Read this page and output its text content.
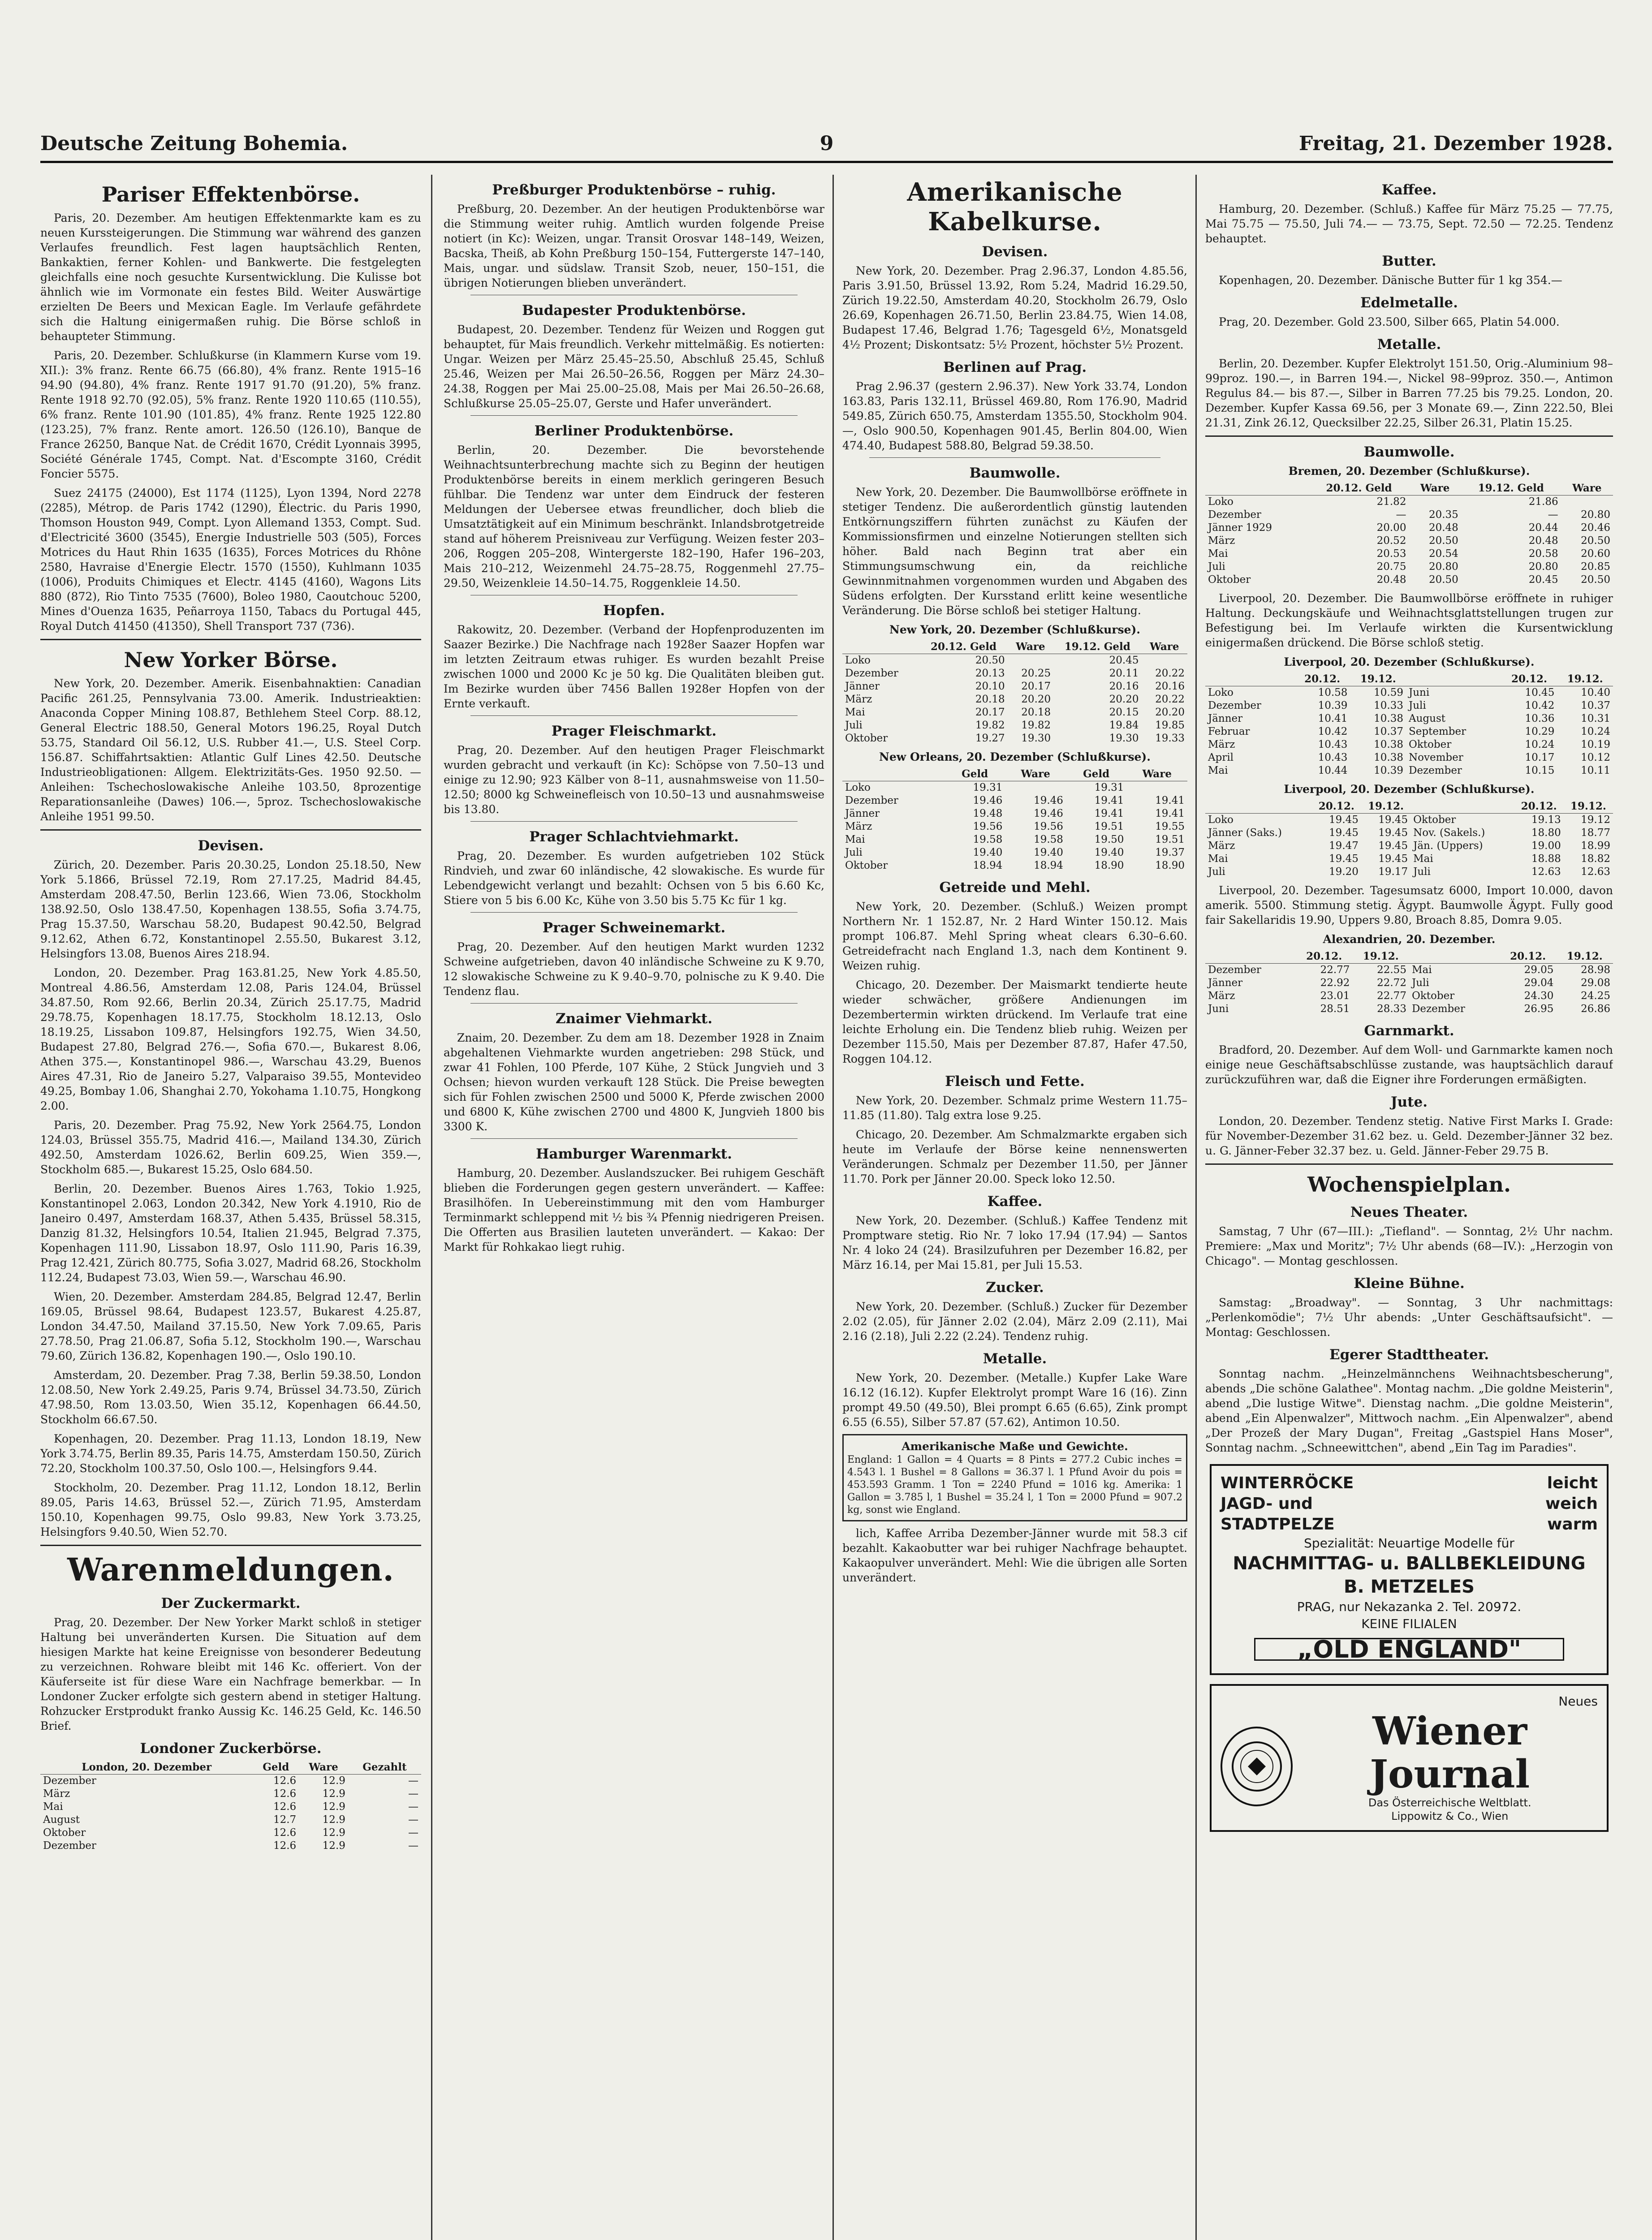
Deutsche Zeitung Bohemia.	9	Freitag, 21. Dezember 1928.
Pariser Effektenbörse.

Paris, 20. Dezember. Am heutigen Effektenmarkte kam es zu neuen Kurssteigerungen. Die Stimmung war während des ganzen Verlaufes freundlich. Fest lagen hauptsächlich Renten, Bankaktien, ferner Kohlen- und Bankwerte. Die festgelegten gleichfalls eine noch gesuchte Kursentwicklung. Die Kulisse bot ähnlich wie im Vormonate ein festes Bild. Weiter Auswärtige erzielten De Beers und Mexican Eagle. Im Verlaufe gefährdete sich die Haltung einigermaßen ruhig. Die Börse schloß in behaupteter Stimmung.

Paris, 20. Dezember. Schlußkurse (in Klammern Kurse vom 19. XII.): 3% franz. Rente 66.75 (66.80), 4% franz. Rente 1915–16 94.90 (94.80), 4% franz. Rente 1917 91.70 (91.20), 5% franz. Rente 1918 92.70 (92.05), 5% franz. Rente 1920 110.65 (110.55), 6% franz. Rente 101.90 (101.85), 4% franz. Rente 1925 122.80 (123.25), 7% franz. Rente amort. 126.50 (126.10), Banque de France 26250, Banque Nat. de Crédit 1670, Crédit Lyonnais 3995, Société Générale 1745, Compt. Nat. d'Escompte 3160, Crédit Foncier 5575.

Suez 24175 (24000), Est 1174 (1125), Lyon 1394, Nord 2278 (2285), Métrop. de Paris 1742 (1290), Électric. du Paris 1990, Thomson Houston 949, Compt. Lyon Allemand 1353, Compt. Sud. d'Electricité 3600 (3545), Energie Industrielle 503 (505), Forces Motrices du Haut Rhin 1635 (1635), Forces Motrices du Rhône 2580, Havraise d'Energie Electr. 1570 (1550), Kuhlmann 1035 (1006), Produits Chimiques et Electr. 4145 (4160), Wagons Lits 880 (872), Rio Tinto 7535 (7600), Boleo 1980, Caoutchouc 5200, Mines d'Ouenza 1635, Peñarroya 1150, Tabacs du Portugal 445, Royal Dutch 41450 (41350), Shell Transport 737 (736).

New Yorker Börse.

New York, 20. Dezember. Amerik. Eisenbahnaktien: Canadian Pacific 261.25, Pennsylvania 73.00. Amerik. Industrieaktien: Anaconda Copper Mining 108.87, Bethlehem Steel Corp. 88.12, General Electric 188.50, General Motors 196.25, Royal Dutch 53.75, Standard Oil 56.12, U.S. Rubber 41.—, U.S. Steel Corp. 156.87. Schiffahrtsaktien: Atlantic Gulf Lines 42.50. Deutsche Industrieobligationen: Allgem. Elektrizitäts-Ges. 1950 92.50. — Anleihen: Tschechoslowakische Anleihe 103.50, 8prozentige Reparationsanleihe (Dawes) 106.—, 5proz. Tschechoslowakische Anleihe 1951 99.50.

Devisen.

Zürich, 20. Dezember. Paris 20.30.25, London 25.18.50, New York 5.1866, Brüssel 72.19, Rom 27.17.25, Madrid 84.45, Amsterdam 208.47.50, Berlin 123.66, Wien 73.06, Stockholm 138.92.50, Oslo 138.47.50, Kopenhagen 138.55, Sofia 3.74.75, Prag 15.37.50, Warschau 58.20, Budapest 90.42.50, Belgrad 9.12.62, Athen 6.72, Konstantinopel 2.55.50, Bukarest 3.12, Helsingfors 13.08, Buenos Aires 218.94.

London, 20. Dezember. Prag 163.81.25, New York 4.85.50, Montreal 4.86.56, Amsterdam 12.08, Paris 124.04, Brüssel 34.87.50, Rom 92.66, Berlin 20.34, Zürich 25.17.75, Madrid 29.78.75, Kopenhagen 18.17.75, Stockholm 18.12.13, Oslo 18.19.25, Lissabon 109.87, Helsingfors 192.75, Wien 34.50, Budapest 27.80, Belgrad 276.—, Sofia 670.—, Bukarest 8.06, Athen 375.—, Konstantinopel 986.—, Warschau 43.29, Buenos Aires 47.31, Rio de Janeiro 5.27, Valparaiso 39.55, Montevideo 49.25, Bombay 1.06, Shanghai 2.70, Yokohama 1.10.75, Hongkong 2.00.

Paris, 20. Dezember. Prag 75.92, New York 2564.75, London 124.03, Brüssel 355.75, Madrid 416.—, Mailand 134.30, Zürich 492.50, Amsterdam 1026.62, Berlin 609.25, Wien 359.—, Stockholm 685.—, Bukarest 15.25, Oslo 684.50.

Berlin, 20. Dezember. Buenos Aires 1.763, Tokio 1.925, Konstantinopel 2.063, London 20.342, New York 4.1910, Rio de Janeiro 0.497, Amsterdam 168.37, Athen 5.435, Brüssel 58.315, Danzig 81.32, Helsingfors 10.54, Italien 21.945, Belgrad 7.375, Kopenhagen 111.90, Lissabon 18.97, Oslo 111.90, Paris 16.39, Prag 12.421, Zürich 80.775, Sofia 3.027, Madrid 68.26, Stockholm 112.24, Budapest 73.03, Wien 59.—, Warschau 46.90.

Wien, 20. Dezember. Amsterdam 284.85, Belgrad 12.47, Berlin 169.05, Brüssel 98.64, Budapest 123.57, Bukarest 4.25.87, London 34.47.50, Mailand 37.15.50, New York 7.09.65, Paris 27.78.50, Prag 21.06.87, Sofia 5.12, Stockholm 190.—, Warschau 79.60, Zürich 136.82, Kopenhagen 190.—, Oslo 190.10.

Amsterdam, 20. Dezember. Prag 7.38, Berlin 59.38.50, London 12.08.50, New York 2.49.25, Paris 9.74, Brüssel 34.73.50, Zürich 47.98.50, Rom 13.03.50, Wien 35.12, Kopenhagen 66.44.50, Stockholm 66.67.50.

Kopenhagen, 20. Dezember. Prag 11.13, London 18.19, New York 3.74.75, Berlin 89.35, Paris 14.75, Amsterdam 150.50, Zürich 72.20, Stockholm 100.37.50, Oslo 100.—, Helsingfors 9.44.

Stockholm, 20. Dezember. Prag 11.12, London 18.12, Berlin 89.05, Paris 14.63, Brüssel 52.—, Zürich 71.95, Amsterdam 150.10, Kopenhagen 99.75, Oslo 99.83, New York 3.73.25, Helsingfors 9.40.50, Wien 52.70.

Warenmeldungen.
Der Zuckermarkt.

Prag, 20. Dezember. Der New Yorker Markt schloß in stetiger Haltung bei unveränderten Kursen. Die Situation auf dem hiesigen Markte hat keine Ereignisse von besonderer Bedeutung zu verzeichnen. Rohware bleibt mit 146 Kc. offeriert. Von der Käuferseite ist für diese Ware ein Nachfrage bemerkbar. — In Londoner Zucker erfolgte sich gestern abend in stetiger Haltung. Rohzucker Erstprodukt franko Aussig Kc. 146.25 Geld, Kc. 146.50 Brief.

Londoner Zuckerbörse.
London, 20. Dezember	Geld	Ware	Gezahlt
Dezember	12.6	12.9	—
März	12.6	12.9	—
Mai	12.6	12.9	—
August	12.7	12.9	—
Oktober	12.6	12.9	—
Dezember	12.6	12.9	—
Preßburger Produktenbörse – ruhig.

Preßburg, 20. Dezember. An der heutigen Produktenbörse war die Stimmung weiter ruhig. Amtlich wurden folgende Preise notiert (in Kc): Weizen, ungar. Transit Orosvar 148–149, Weizen, Bacska, Theiß, ab Kohn Preßburg 150–154, Futtergerste 147–140, Mais, ungar. und südslaw. Transit Szob, neuer, 150–151, die übrigen Notierungen blieben unverändert.

Budapester Produktenbörse.

Budapest, 20. Dezember. Tendenz für Weizen und Roggen gut behauptet, für Mais freundlich. Verkehr mittelmäßig. Es notierten: Ungar. Weizen per März 25.45–25.50, Abschluß 25.45, Schluß 25.46, Weizen per Mai 26.50–26.56, Roggen per März 24.30–24.38, Roggen per Mai 25.00–25.08, Mais per Mai 26.50–26.68, Schlußkurse 25.05–25.07, Gerste und Hafer unverändert.

Berliner Produktenbörse.

Berlin, 20. Dezember. Die bevorstehende Weihnachtsunterbrechung machte sich zu Beginn der heutigen Produktenbörse bereits in einem merklich geringeren Besuch fühlbar. Die Tendenz war unter dem Eindruck der festeren Meldungen der Uebersee etwas freundlicher, doch blieb die Umsatztätigkeit auf ein Minimum beschränkt. Inlandsbrotgetreide stand auf höherem Preisniveau zur Verfügung. Weizen fester 203–206, Roggen 205–208, Wintergerste 182–190, Hafer 196–203, Mais 210–212, Weizenmehl 24.75–28.75, Roggenmehl 27.75–29.50, Weizenkleie 14.50–14.75, Roggenkleie 14.50.

Hopfen.

Rakowitz, 20. Dezember. (Verband der Hopfenproduzenten im Saazer Bezirke.) Die Nachfrage nach 1928er Saazer Hopfen war im letzten Zeitraum etwas ruhiger. Es wurden bezahlt Preise zwischen 1000 und 2000 Kc je 50 kg. Die Qualitäten bleiben gut. Im Bezirke wurden über 7456 Ballen 1928er Hopfen von der Ernte verkauft.

Prager Fleischmarkt.

Prag, 20. Dezember. Auf den heutigen Prager Fleischmarkt wurden gebracht und verkauft (in Kc): Schöpse von 7.50–13 und einige zu 12.90; 923 Kälber von 8–11, ausnahmsweise von 11.50–12.50; 8000 kg Schweinefleisch von 10.50–13 und ausnahmsweise bis 13.80.

Prager Schlachtviehmarkt.

Prag, 20. Dezember. Es wurden aufgetrieben 102 Stück Rindvieh, und zwar 60 inländische, 42 slowakische. Es wurde für Lebendgewicht verlangt und bezahlt: Ochsen von 5 bis 6.60 Kc, Stiere von 5 bis 6.00 Kc, Kühe von 3.50 bis 5.75 Kc für 1 kg.

Prager Schweinemarkt.

Prag, 20. Dezember. Auf den heutigen Markt wurden 1232 Schweine aufgetrieben, davon 40 inländische Schweine zu K 9.70, 12 slowakische Schweine zu K 9.40–9.70, polnische zu K 9.40. Die Tendenz flau.

Znaimer Viehmarkt.

Znaim, 20. Dezember. Zu dem am 18. Dezember 1928 in Znaim abgehaltenen Viehmarkte wurden angetrieben: 298 Stück, und zwar 41 Fohlen, 100 Pferde, 107 Kühe, 2 Stück Jungvieh und 3 Ochsen; hievon wurden verkauft 128 Stück. Die Preise bewegten sich für Fohlen zwischen 2500 und 5000 K, Pferde zwischen 2000 und 6800 K, Kühe zwischen 2700 und 4800 K, Jungvieh 1800 bis 3300 K.

Hamburger Warenmarkt.

Hamburg, 20. Dezember. Auslandszucker. Bei ruhigem Geschäft blieben die Forderungen gegen gestern unverändert. — Kaffee: Brasilhöfen. In Uebereinstimmung mit den vom Hamburger Terminmarkt schleppend mit ½ bis ¾ Pfennig niedrigeren Preisen. Die Offerten aus Brasilien lauteten unverändert. — Kakao: Der Markt für Rohkakao liegt ruhig.

Amerikanische Kabelkurse.
Devisen.

New York, 20. Dezember. Prag 2.96.37, London 4.85.56, Paris 3.91.50, Brüssel 13.92, Rom 5.24, Madrid 16.29.50, Zürich 19.22.50, Amsterdam 40.20, Stockholm 26.79, Oslo 26.69, Kopenhagen 26.71.50, Berlin 23.84.75, Wien 14.08, Budapest 17.46, Belgrad 1.76; Tagesgeld 6½, Monatsgeld 4½ Prozent; Diskontsatz: 5½ Prozent, höchster 5½ Prozent.

Berlinen auf Prag.

Prag 2.96.37 (gestern 2.96.37). New York 33.74, London 163.83, Paris 132.11, Brüssel 469.80, Rom 176.90, Madrid 549.85, Zürich 650.75, Amsterdam 1355.50, Stockholm 904.—, Oslo 900.50, Kopenhagen 901.45, Berlin 804.00, Wien 474.40, Budapest 588.80, Belgrad 59.38.50.

Baumwolle.

New York, 20. Dezember. Die Baumwollbörse eröffnete in stetiger Tendenz. Die außerordentlich günstig lautenden Entkörnungsziffern führten zunächst zu Käufen der Kommissionsfirmen und einzelne Notierungen stellten sich höher. Bald nach Beginn trat aber ein Stimmungsumschwung ein, da reichliche Gewinnmitnahmen vorgenommen wurden und Abgaben des Südens erfolgten. Der Kursstand erlitt keine wesentliche Veränderung. Die Börse schloß bei stetiger Haltung.

New York, 20. Dezember (Schlußkurse).
	20.12. Geld	Ware	19.12. Geld	Ware
Loko	20.50		20.45	
Dezember	20.13	20.25	20.11	20.22
Jänner	20.10	20.17	20.16	20.16
März	20.18	20.20	20.20	20.22
Mai	20.17	20.18	20.15	20.20
Juli	19.82	19.82	19.84	19.85
Oktober	19.27	19.30	19.30	19.33
New Orleans, 20. Dezember (Schlußkurse).
	Geld	Ware	Geld	Ware
Loko	19.31		19.31	
Dezember	19.46	19.46	19.41	19.41
Jänner	19.48	19.46	19.41	19.41
März	19.56	19.56	19.51	19.55
Mai	19.58	19.58	19.50	19.51
Juli	19.40	19.40	19.40	19.37
Oktober	18.94	18.94	18.90	18.90
Getreide und Mehl.

New York, 20. Dezember. (Schluß.) Weizen prompt Northern Nr. 1 152.87, Nr. 2 Hard Winter 150.12. Mais prompt 106.87. Mehl Spring wheat clears 6.30–6.60. Getreidefracht nach England 1.3, nach dem Kontinent 9. Weizen ruhig.

Chicago, 20. Dezember. Der Maismarkt tendierte heute wieder schwächer, größere Andienungen im Dezembertermin wirkten drückend. Im Verlaufe trat eine leichte Erholung ein. Die Tendenz blieb ruhig. Weizen per Dezember 115.50, Mais per Dezember 87.87, Hafer 47.50, Roggen 104.12.

Fleisch und Fette.

New York, 20. Dezember. Schmalz prime Western 11.75–11.85 (11.80). Talg extra lose 9.25.

Chicago, 20. Dezember. Am Schmalzmarkte ergaben sich heute im Verlaufe der Börse keine nennenswerten Veränderungen. Schmalz per Dezember 11.50, per Jänner 11.70. Pork per Jänner 20.00. Speck loko 12.50.

Kaffee.

New York, 20. Dezember. (Schluß.) Kaffee Tendenz mit Promptware stetig. Rio Nr. 7 loko 17.94 (17.94) — Santos Nr. 4 loko 24 (24). Brasilzufuhren per Dezember 16.82, per März 16.14, per Mai 15.81, per Juli 15.53.

Zucker.

New York, 20. Dezember. (Schluß.) Zucker für Dezember 2.02 (2.05), für Jänner 2.02 (2.04), März 2.09 (2.11), Mai 2.16 (2.18), Juli 2.22 (2.24). Tendenz ruhig.

Metalle.

New York, 20. Dezember. (Metalle.) Kupfer Lake Ware 16.12 (16.12). Kupfer Elektrolyt prompt Ware 16 (16). Zinn prompt 49.50 (49.50), Blei prompt 6.65 (6.65), Zink prompt 6.55 (6.55), Silber 57.87 (57.62), Antimon 10.50.

Amerikanische Maße und Gewichte.
England: 1 Gallon = 4 Quarts = 8 Pints = 277.2 Cubic inches = 4.543 l. 1 Bushel = 8 Gallons = 36.37 l. 1 Pfund Avoir du pois = 453.593 Gramm. 1 Ton = 2240 Pfund = 1016 kg. Amerika: 1 Gallon = 3.785 l, 1 Bushel = 35.24 l, 1 Ton = 2000 Pfund = 907.2 kg, sonst wie England.

lich, Kaffee Arriba Dezember-Jänner wurde mit 58.3 cif bezahlt. Kakaobutter war bei ruhiger Nachfrage behauptet. Kakaopulver unverändert. Mehl: Wie die übrigen alle Sorten unverändert.

Kaffee.

Hamburg, 20. Dezember. (Schluß.) Kaffee für März 75.25 — 77.75, Mai 75.75 — 75.50, Juli 74.— — 73.75, Sept. 72.50 — 72.25. Tendenz behauptet.

Butter.

Kopenhagen, 20. Dezember. Dänische Butter für 1 kg 354.—

Edelmetalle.

Prag, 20. Dezember. Gold 23.500, Silber 665, Platin 54.000.

Metalle.

Berlin, 20. Dezember. Kupfer Elektrolyt 151.50, Orig.-Aluminium 98–99proz. 190.—, in Barren 194.—, Nickel 98–99proz. 350.—, Antimon Regulus 84.— bis 87.—, Silber in Barren 77.25 bis 79.25. London, 20. Dezember. Kupfer Kassa 69.56, per 3 Monate 69.—, Zinn 222.50, Blei 21.31, Zink 26.12, Quecksilber 22.25, Silber 26.31, Platin 15.25.

Baumwolle.
Bremen, 20. Dezember (Schlußkurse).
	20.12. Geld	Ware	19.12. Geld	Ware
Loko	21.82		21.86	
Dezember	—	20.35	—	20.80
Jänner 1929	20.00	20.48	20.44	20.46
März	20.52	20.50	20.48	20.50
Mai	20.53	20.54	20.58	20.60
Juli	20.75	20.80	20.80	20.85
Oktober	20.48	20.50	20.45	20.50

Liverpool, 20. Dezember. Die Baumwollbörse eröffnete in ruhiger Haltung. Deckungskäufe und Weihnachtsglattstellungen trugen zur Befestigung bei. Im Verlaufe wirkten die Kursentwicklung einigermaßen drückend. Die Börse schloß stetig.

Liverpool, 20. Dezember (Schlußkurse).
	20.12.	19.12.		20.12.	19.12.
Loko	10.58	10.59	Juni	10.45	10.40
Dezember	10.39	10.33	Juli	10.42	10.37
Jänner	10.41	10.38	August	10.36	10.31
Februar	10.42	10.37	September	10.29	10.24
März	10.43	10.38	Oktober	10.24	10.19
April	10.43	10.38	November	10.17	10.12
Mai	10.44	10.39	Dezember	10.15	10.11
Liverpool, 20. Dezember (Schlußkurse).
	20.12.	19.12.		20.12.	19.12.
Loko	19.45	19.45	Oktober	19.13	19.12
Jänner (Saks.)	19.45	19.45	Nov. (Sakels.)	18.80	18.77
März	19.47	19.45	Jän. (Uppers)	19.00	18.99
Mai	19.45	19.45	Mai	18.88	18.82
Juli	19.20	19.17	Juli	12.63	12.63

Liverpool, 20. Dezember. Tagesumsatz 6000, Import 10.000, davon amerik. 5500. Stimmung stetig. Ägypt. Baumwolle Ägypt. Fully good fair Sakellaridis 19.90, Uppers 9.80, Broach 8.85, Domra 9.05.

Alexandrien, 20. Dezember.
	20.12.	19.12.		20.12.	19.12.
Dezember	22.77	22.55	Mai	29.05	28.98
Jänner	22.92	22.72	Juli	29.04	29.08
März	23.01	22.77	Oktober	24.30	24.25
Juni	28.51	28.33	Dezember	26.95	26.86
Garnmarkt.

Bradford, 20. Dezember. Auf dem Woll- und Garnmarkte kamen noch einige neue Geschäftsabschlüsse zustande, was hauptsächlich darauf zurückzuführen war, daß die Eigner ihre Forderungen ermäßigten.

Jute.

London, 20. Dezember. Tendenz stetig. Native First Marks I. Grade: für November-Dezember 31.62 bez. u. Geld. Dezember-Jänner 32 bez. u. G. Jänner-Feber 32.37 bez. u. Geld. Jänner-Feber 29.75 B.

Wochenspielplan.
Neues Theater.

Samstag, 7 Uhr (67—III.): „Tiefland". — Sonntag, 2½ Uhr nachm. Premiere: „Max und Moritz"; 7½ Uhr abends (68—IV.): „Herzogin von Chicago". — Montag geschlossen.

Kleine Bühne.

Samstag: „Broadway". — Sonntag, 3 Uhr nachmittags: „Perlenkomödie"; 7½ Uhr abends: „Unter Geschäftsaufsicht". — Montag: Geschlossen.

Egerer Stadttheater.

Sonntag nachm. „Heinzelmännchens Weihnachtsbescherung", abends „Die schöne Galathee". Montag nachm. „Die goldne Meisterin", abend „Die lustige Witwe". Dienstag nachm. „Die goldne Meisterin", abend „Ein Alpenwalzer", Mittwoch nachm. „Ein Alpenwalzer", abend „Der Prozeß der Mary Dugan", Freitag „Gastspiel Hans Moser", Sonntag nachm. „Schneewittchen", abend „Ein Tag im Paradies".

WINTERRÖCKE	leicht
JAGD- und	weich
STADTPELZE	warm
Spezialität: Neuartige Modelle für
NACHMITTAG- u. BALLBEKLEIDUNG
B. METZELES
PRAG, nur Nekazanka 2. Tel. 20972.
KEINE FILIALEN
„OLD ENGLAND"
Neues
Wiener Journal
Das Österreichische Weltblatt.
Lippowitz & Co., Wien
